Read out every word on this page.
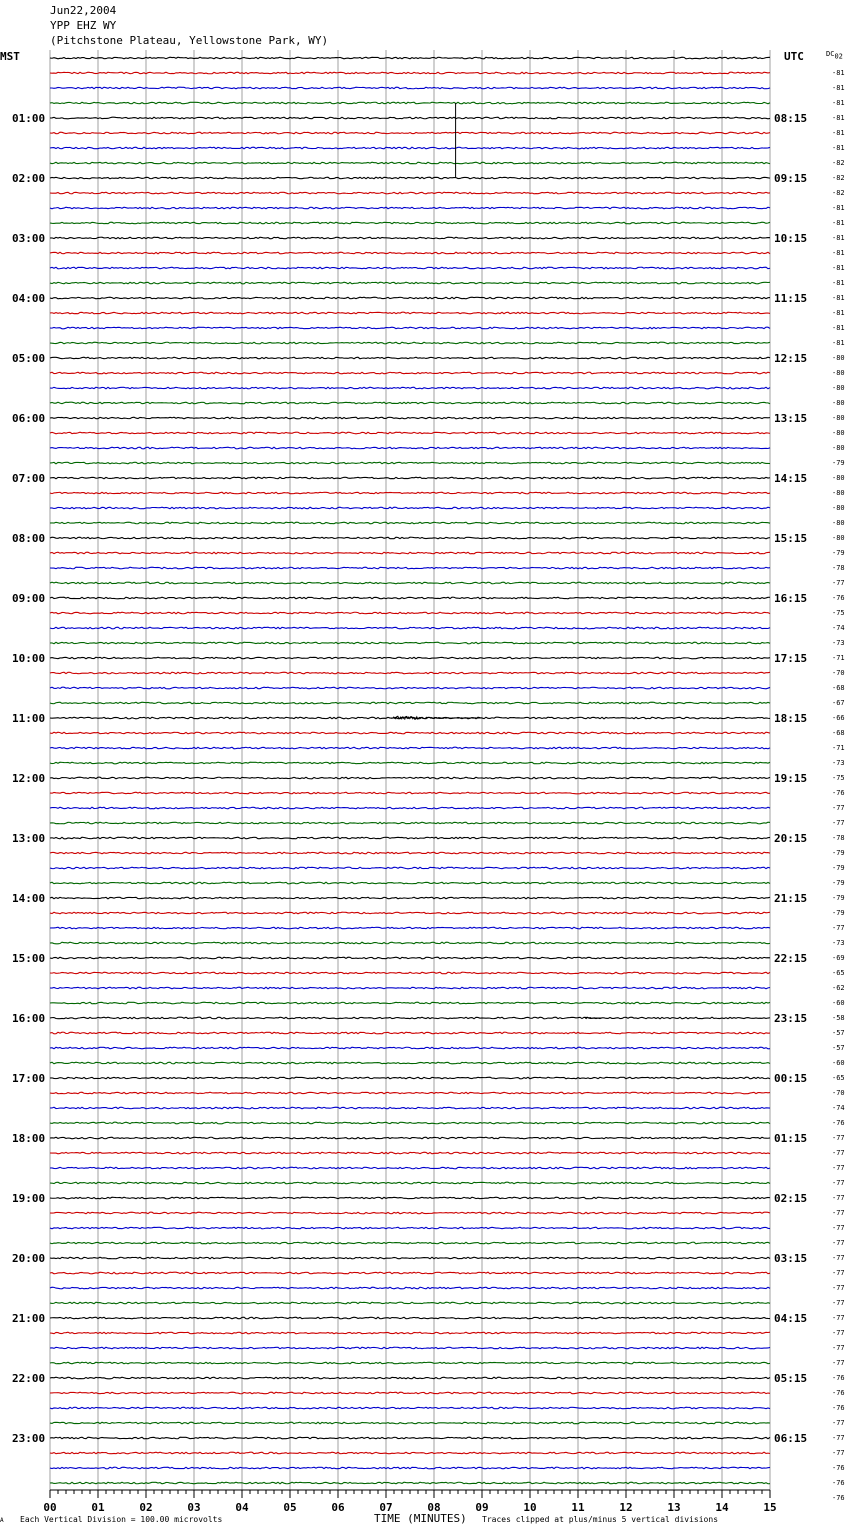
Jun22,2004
YPP EHZ WY
(Pitchstone Plateau, Yellowstone Park, WY)
MST	UTC	$DC_{02}$
01:00
02:00
03:00
04:00
05:00
06:00
07:00
08:00
09:00
10:00
11:00
12:00
13:00
14:00
15:00
16:00
17:00
18:00
19:00
20:00
21:00
22:00
23:00
08:15
09:15
10:15
11:15
12:15
13:15
14:15
15:15
16:15
17:15
18:15
19:15
20:15
21:15
22:15
23:15
00:15
01:15
02:15
03:15
04:15
05:15
06:15
-81
-81
-81
-81
-81
-81
-82
-82
-82
-81
-81
-81
-81
-81
-81
-81
-81
-81
-81
-80
-80
-80
-80
-80
-80
-80
-79
-80
-80
-80
-80
-80
-79
-78
-77
-76
-75
-74
-73
-71
-70
-68
-67
-66
-68
-71
-73
-75
-76
-77
-77
-78
-79
-79
-79
-79
-79
-77
-73
-69
-65
-62
-60
-58
-57
-57
-60
-65
-70
-74
-76
-77
-77
-77
-77
-77
-77
-77
-77
-77
-77
-77
-77
-77
-77
-77
-77
-76
-76
-76
-77
-77
-77
-76
-76
-76
00	01	02	03	04	05	06	07	08	09	10	11	12	13	14	15
A Each Vertical Division = 100.00 microvolts	TIME (MINUTES) Traces clipped at plus/minus 5 vertical divisions
